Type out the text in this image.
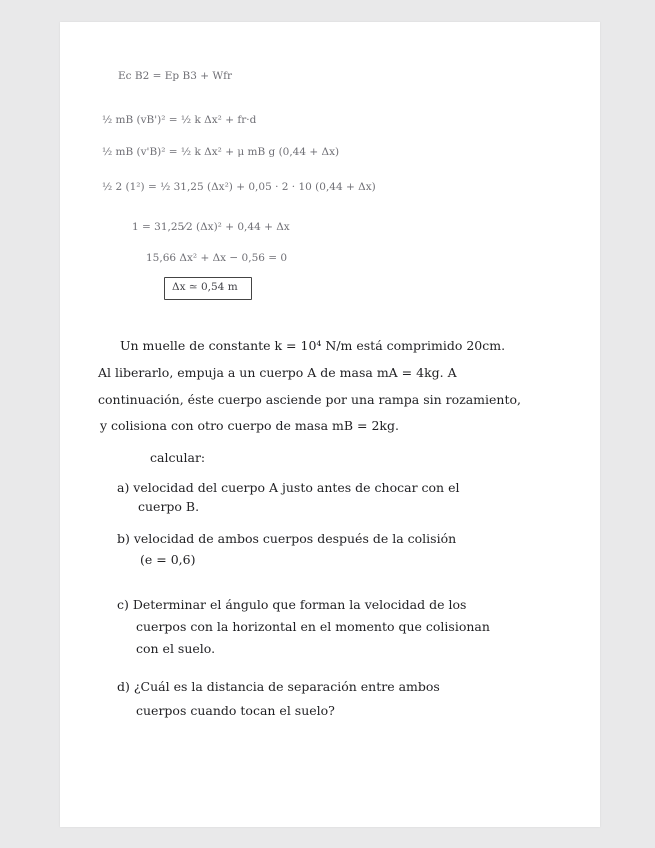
Ec B2 = Ep B3 + Wfr
½ mB (vB')² = ½ k Δx² + fr·d
½ mB (v'B)² = ½ k Δx² + μ mB g (0,44 + Δx)
½ 2 (1²) = ½ 31,25 (Δx²) + 0,05 · 2 · 10 (0,44 + Δx)
1 = 31,25⁄2 (Δx)² + 0,44 + Δx
15,66 Δx² + Δx − 0,56 = 0
Δx ≃ 0,54 m
Un muelle de constante k = 10⁴ N/m está comprimido 20cm.
Al liberarlo, empuja a un cuerpo A de masa mA = 4kg. A
continuación, éste cuerpo asciende por una rampa sin rozamiento,
y colisiona con otro cuerpo de masa mB = 2kg.
calcular:
a) velocidad del cuerpo A justo antes de chocar con el
cuerpo B.
b) velocidad de ambos cuerpos después de la colisión
(e = 0,6)
c) Determinar el ángulo que forman la velocidad de los
cuerpos con la horizontal en el momento que colisionan
con el suelo.
d) ¿Cuál es la distancia de separación entre ambos
cuerpos cuando tocan el suelo?
